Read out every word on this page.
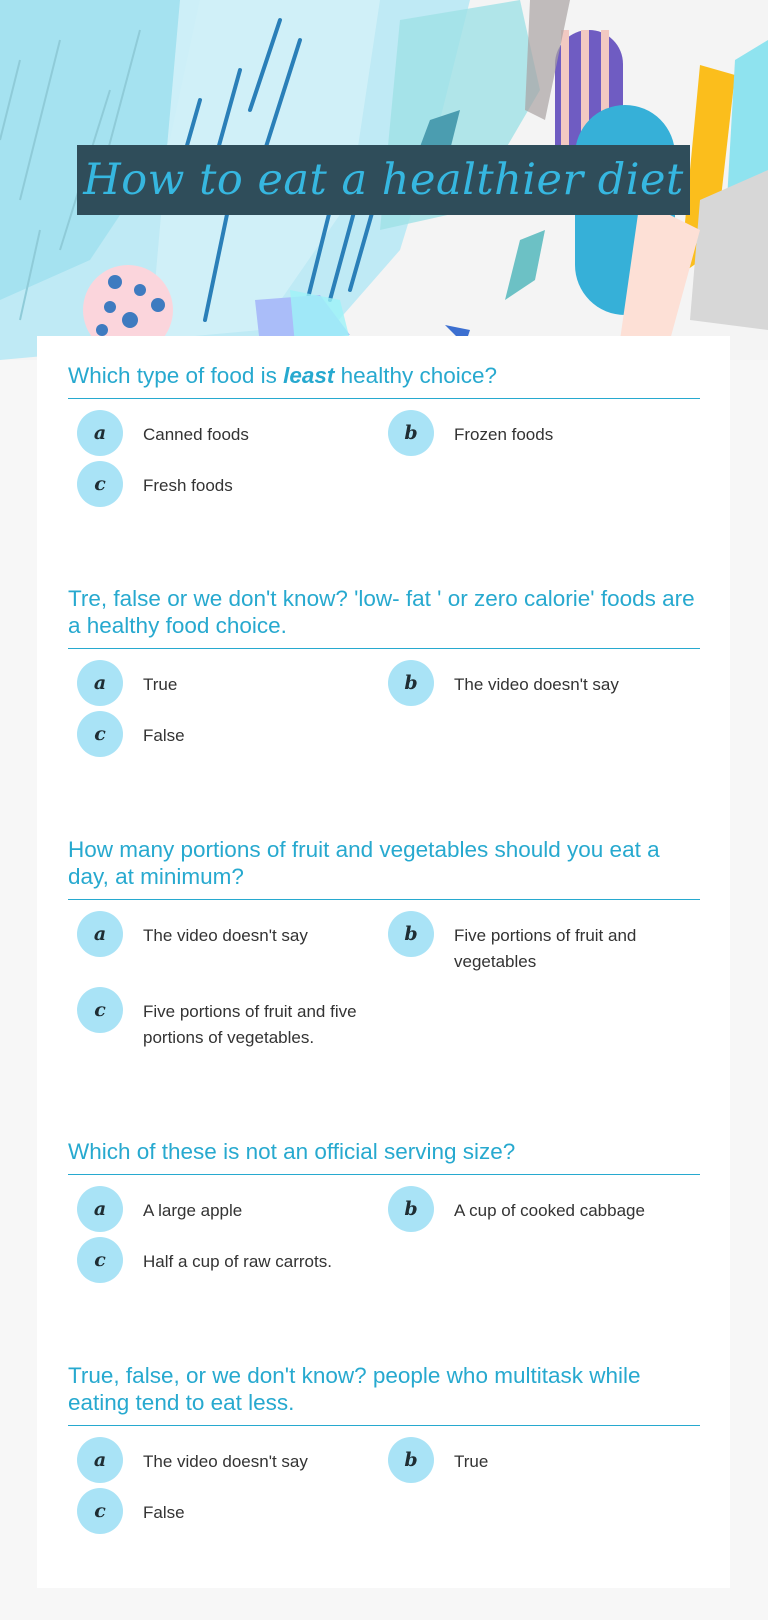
How to eat a healthier diet

Which type of food is least healthy choice?

a	Canned foods	b	Frozen foods
c	Fresh foods

Tre, false or we don't know? 'low- fat ' or zero calorie' foods are a healthy food choice.

a	True	b	The video doesn't say
c	False

How many portions of fruit and vegetables should you eat a day, at minimum?

a	The video doesn't say	b	Five portions of fruit and vegetables
c	Five portions of fruit and five portions of vegetables.

Which of these is not an official serving size?

a	A large apple	b	A cup of cooked cabbage
c	Half a cup of raw carrots.

True, false, or we don't know? people who multitask while eating tend to eat less.

a	The video doesn't say	b	True
c	False
